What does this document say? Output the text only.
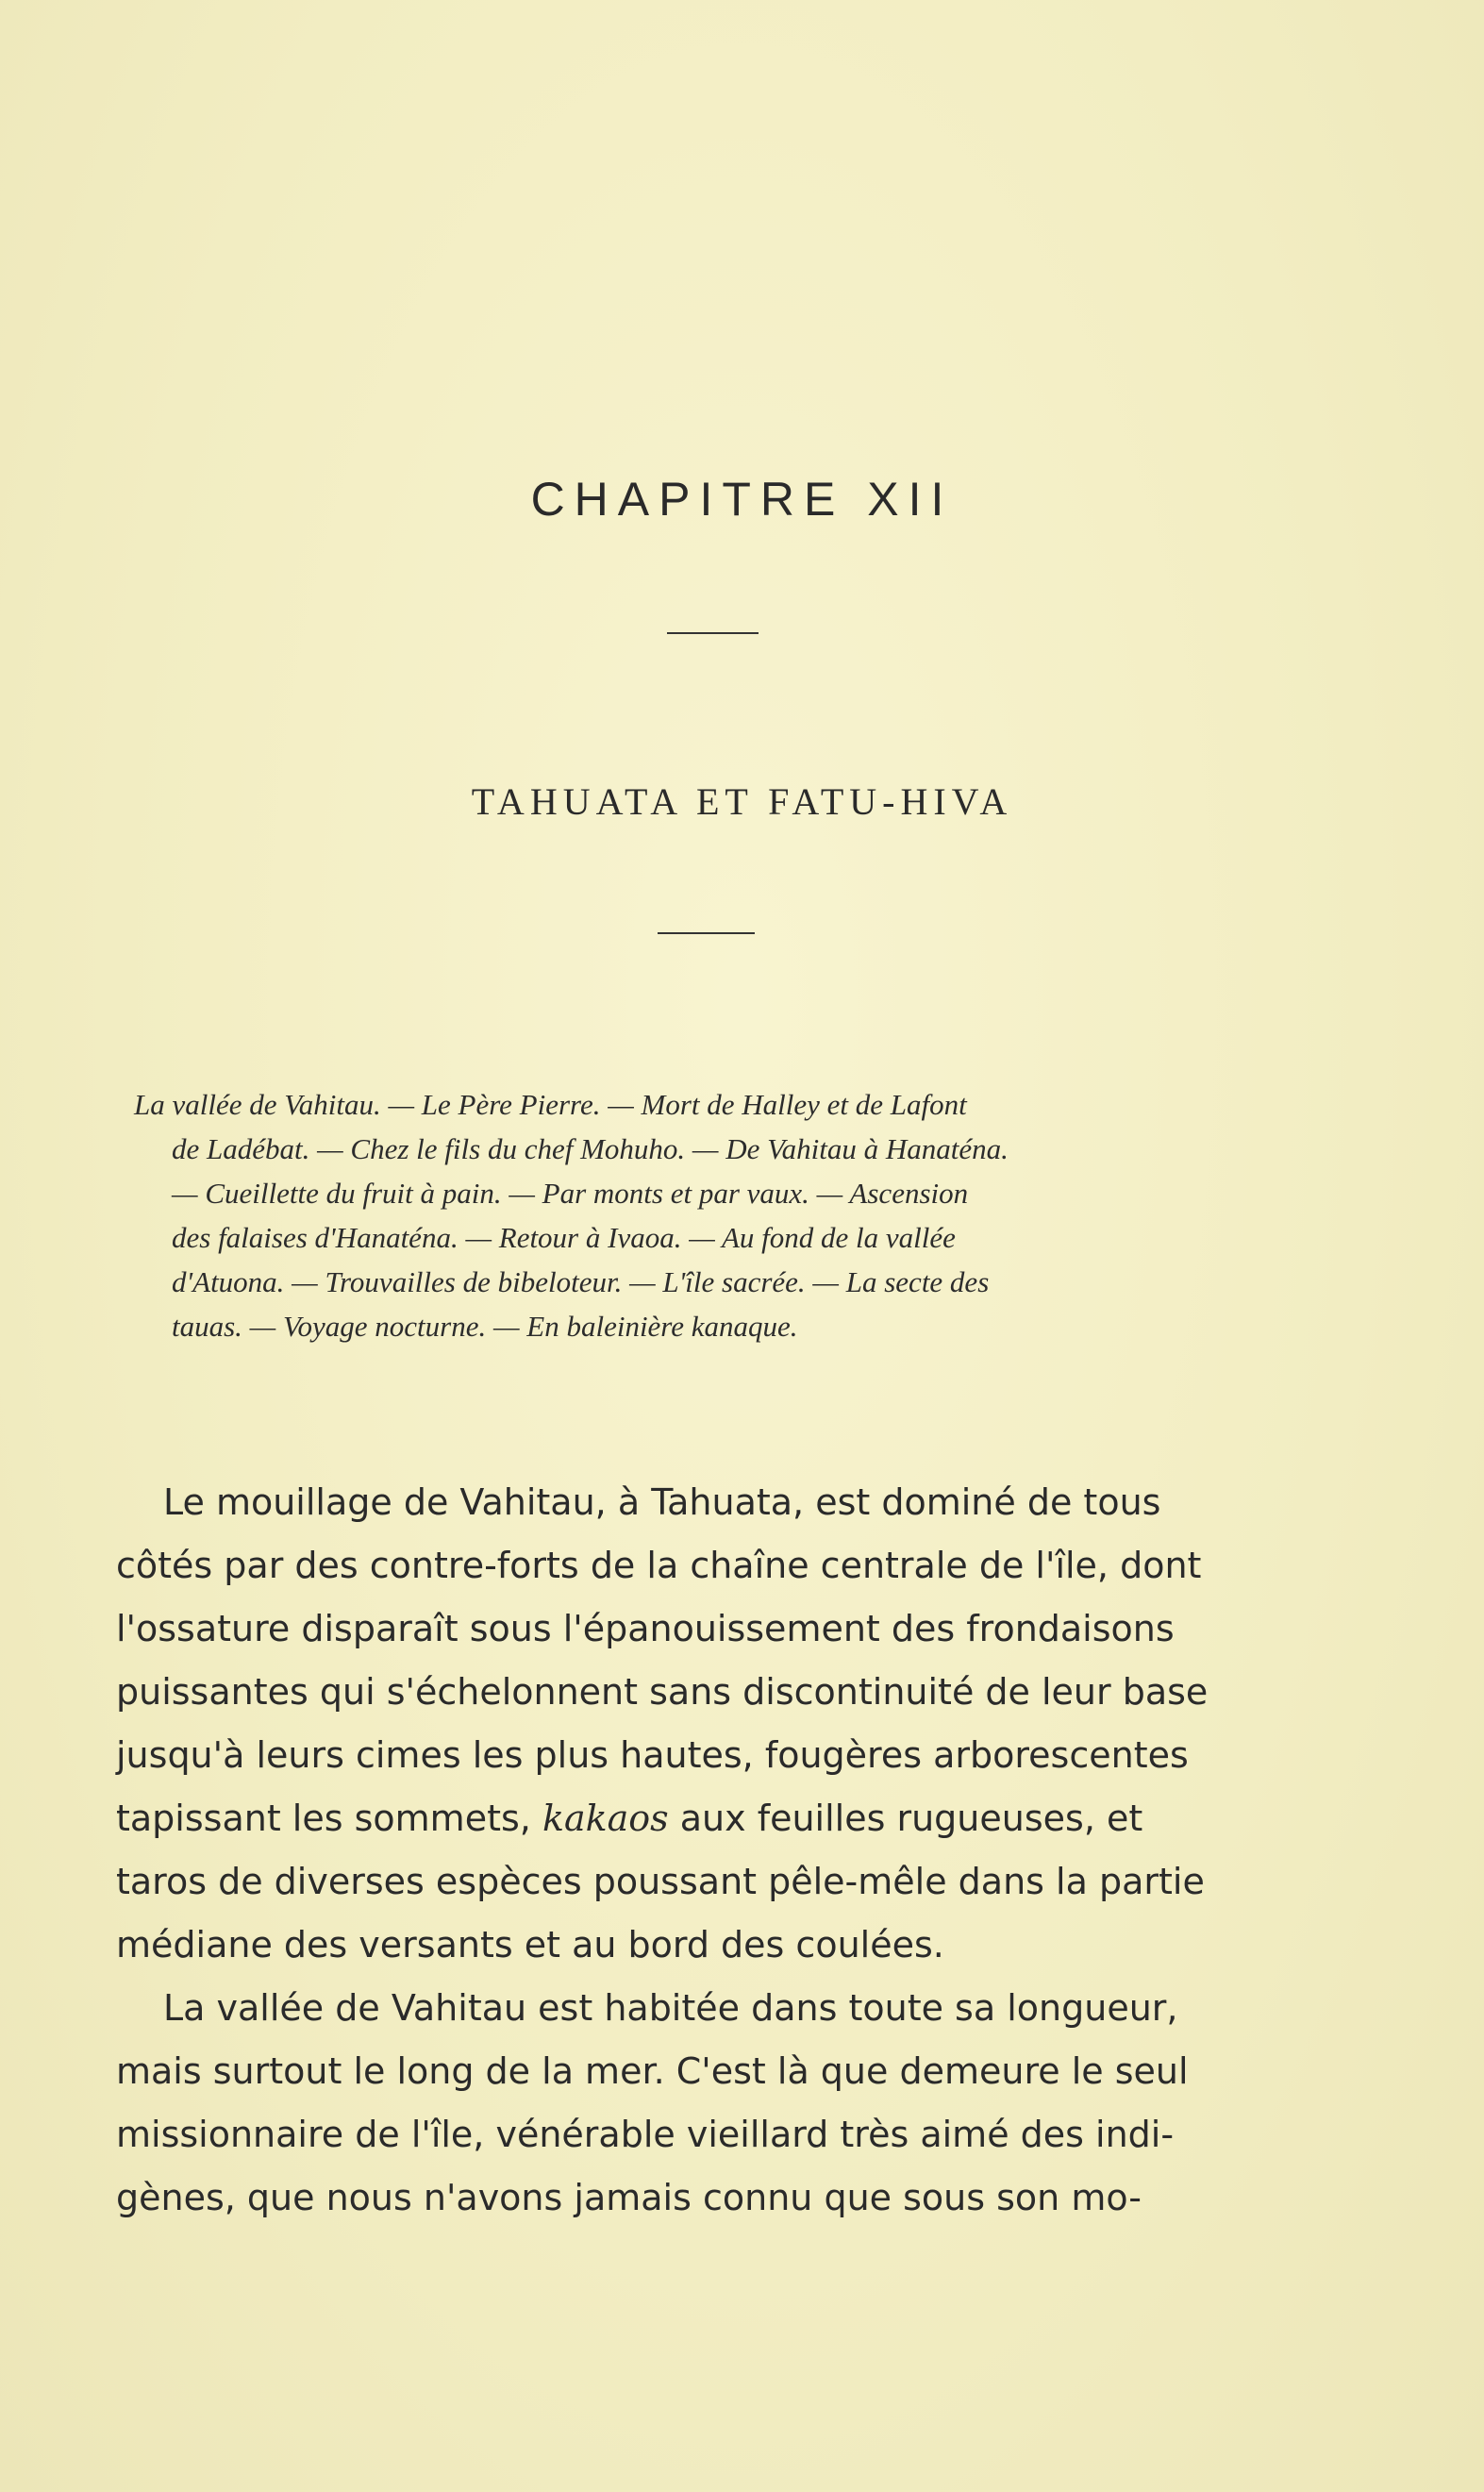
CHAPITRE XII
TAHUATA ET FATU-HIVA

La vallée de Vahitau. — Le Père Pierre. — Mort de Halley et de Lafont
de Ladébat. — Chez le fils du chef Mohuho. — De Vahitau à Hanaténa.
— Cueillette du fruit à pain. — Par monts et par vaux. — Ascension
des falaises d'Hanaténa. — Retour à Ivaoa. — Au fond de la vallée
d'Atuona. — Trouvailles de bibeloteur. — L'île sacrée. — La secte des
tauas. — Voyage nocturne. — En baleinière kanaque.

Le mouillage de Vahitau, à Tahuata, est dominé de tous
côtés par des contre-forts de la chaîne centrale de l'île, dont
l'ossature disparaît sous l'épanouissement des frondaisons
puissantes qui s'échelonnent sans discontinuité de leur base
jusqu'à leurs cimes les plus hautes, fougères arborescentes
tapissant les sommets, kakaos aux feuilles rugueuses, et
taros de diverses espèces poussant pêle-mêle dans la partie
médiane des versants et au bord des coulées.
La vallée de Vahitau est habitée dans toute sa longueur,
mais surtout le long de la mer. C'est là que demeure le seul
missionnaire de l'île, vénérable vieillard très aimé des indi-
gènes, que nous n'avons jamais connu que sous son mo-
